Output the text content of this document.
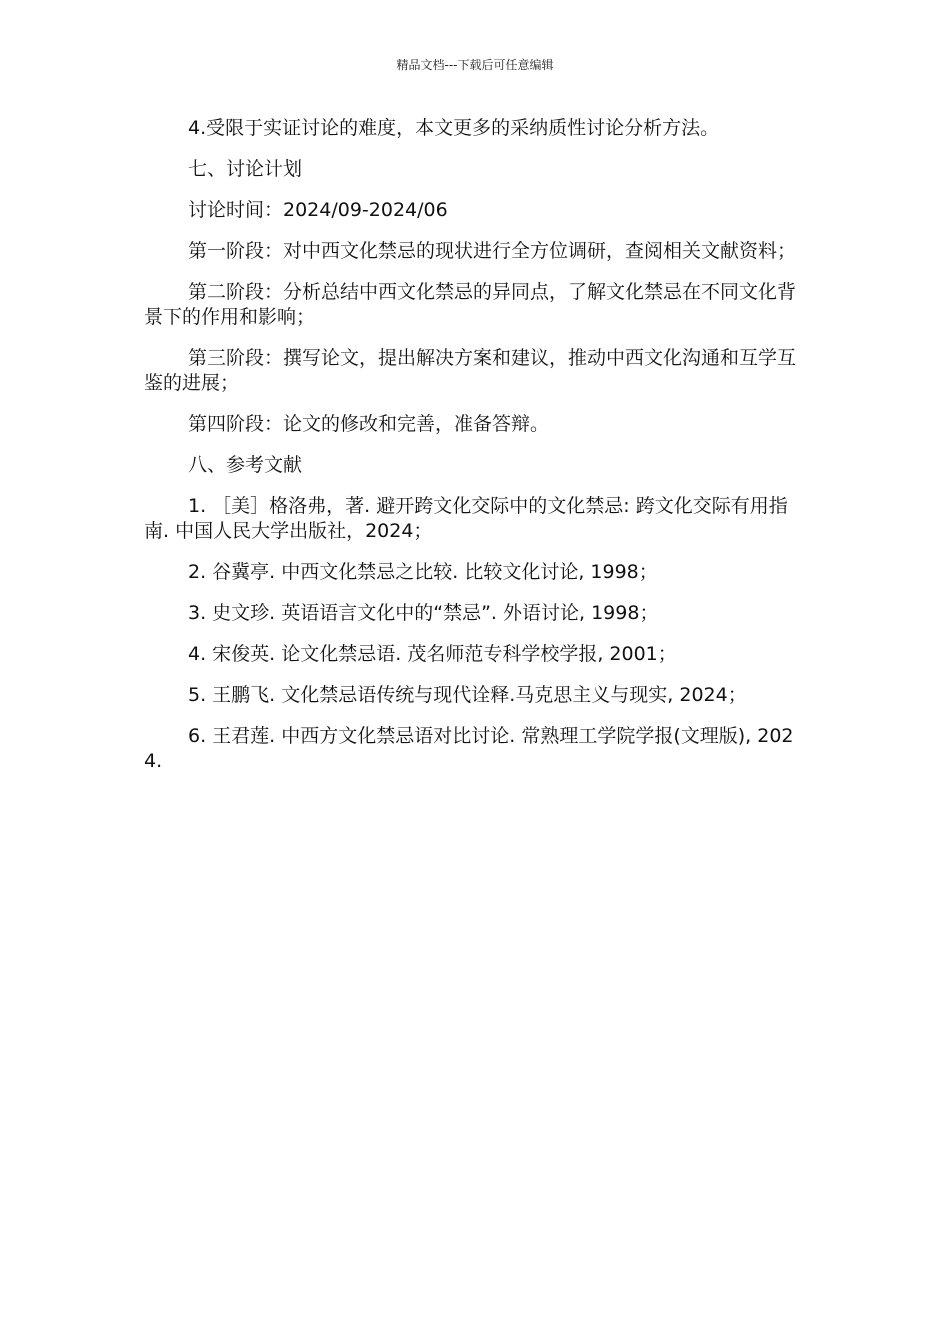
精品文档---下载后可任意编辑

4.受限于实证讨论的难度，本文更多的采纳质性讨论分析方法。

七、讨论计划

讨论时间：2024/09-2024/06

第一阶段：对中西文化禁忌的现状进行全方位调研，查阅相关文献资料；

第二阶段：分析总结中西文化禁忌的异同点，了解文化禁忌在不同文化背景下的作用和影响；

第三阶段：撰写论文，提出解决方案和建议，推动中西文化沟通和互学互鉴的进展；

第四阶段：论文的修改和完善，准备答辩。

八、参考文献

1. ［美］格洛弗，著. 避开跨文化交际中的文化禁忌: 跨文化交际有用指南. 中国人民大学出版社，2024；

2. 谷冀亭. 中西文化禁忌之比较. 比较文化讨论, 1998；

3. 史文珍. 英语语言文化中的“禁忌”. 外语讨论, 1998；

4. 宋俊英. 论文化禁忌语. 茂名师范专科学校学报, 2001；

5. 王鹏飞. 文化禁忌语传统与现代诠释.马克思主义与现实, 2024；

6. 王君莲. 中西方文化禁忌语对比讨论. 常熟理工学院学报(文理版), 2024.
